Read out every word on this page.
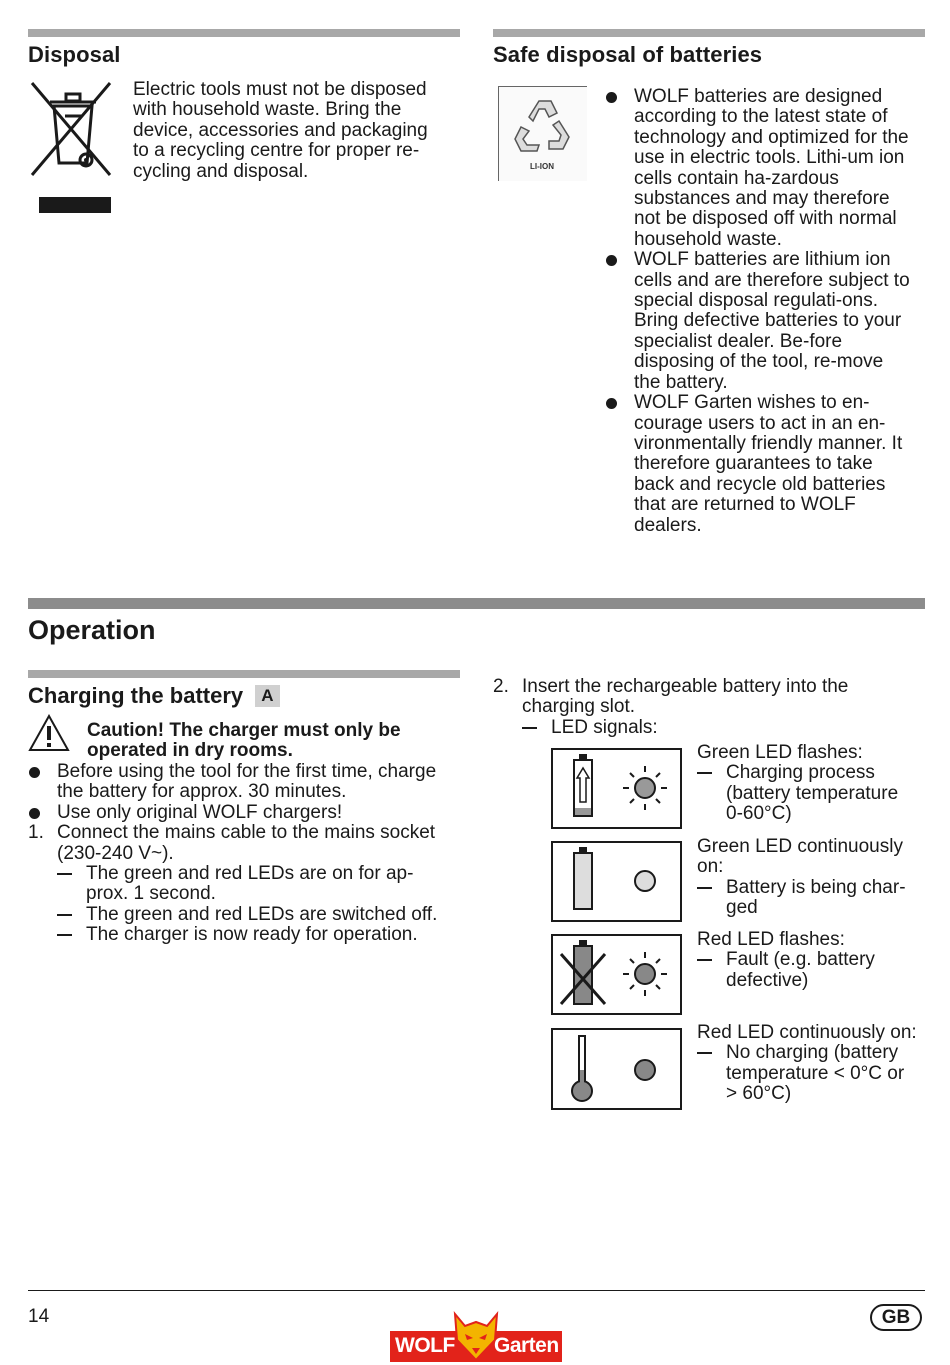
Disposal
Electric tools must not be disposed with household waste. Bring the device, accessories and packaging to a recycling centre for proper re-cycling and disposal.
Safe disposal of batteries
LI-ION
WOLF batteries are designed according to the latest state of technology and optimized for the use in electric tools. Lithi-um ion cells contain ha-zardous substances and may therefore not be disposed off with normal household waste.
WOLF batteries are lithium ion cells and are therefore subject to special disposal regulati-ons. Bring defective batteries to your specialist dealer. Be-fore disposing of the tool, re-move the battery.
WOLF Garten wishes to en-courage users to act in an en-vironmentally friendly manner. It therefore guarantees to take back and recycle old batteries that are returned to WOLF dealers.
Operation
Charging the battery A
Caution! The charger must only be operated in dry rooms.
Before using the tool for the first time, charge the battery for approx. 30 minutes.
Use only original WOLF chargers!
1. Connect the mains cable to the mains socket (230-240 V~).
The green and red LEDs are on for ap-prox. 1 second.
The green and red LEDs are switched off.
The charger is now ready for operation.
2. Insert the rechargeable battery into the charging slot.
LED signals:
Green LED flashes:
Charging process (battery temperature 0-60°C)
Green LED continuously on:
Battery is being char-ged
Red LED flashes:
Fault (e.g. battery defective)
Red LED continuously on:
No charging (battery temperature < 0°C or > 60°C)
14
WOLF Garten
GB
